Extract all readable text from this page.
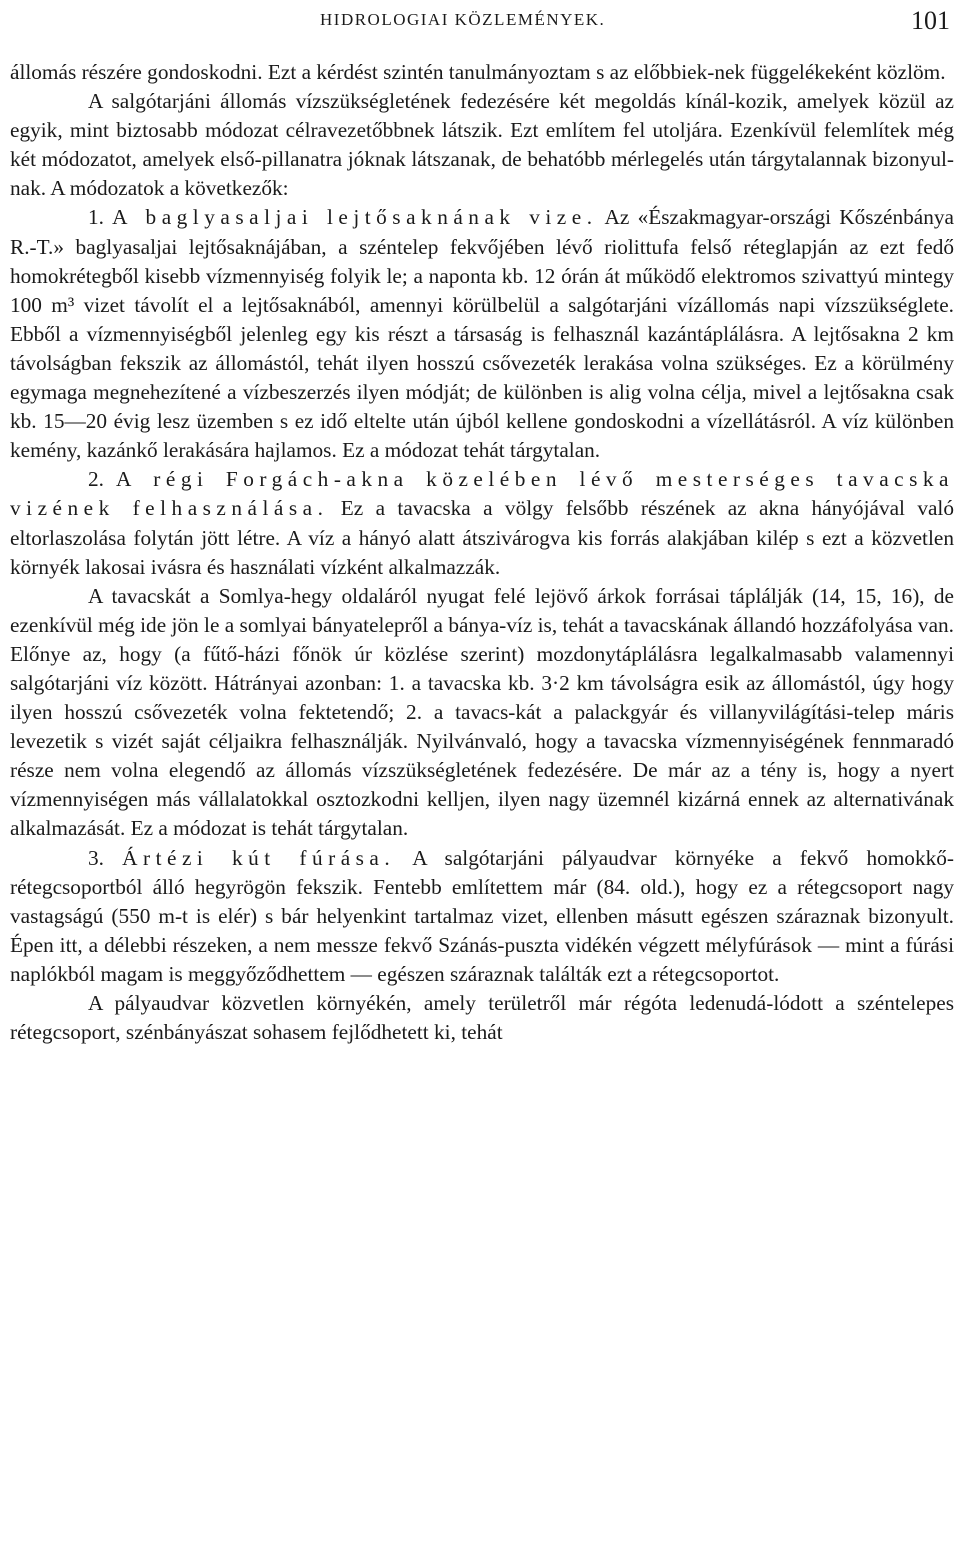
HIDROLOGIAI KÖZLEMÉNYEK.	101

állomás részére gondoskodni. Ezt a kérdést szintén tanulmányoztam s az előbbiek-nek függelékeként közlöm.

A salgótarjáni állomás vízszükségletének fedezésére két megoldás kínál-kozik, amelyek közül az egyik, mint biztosabb módozat célravezetőbbnek látszik. Ezt említem fel utoljára. Ezenkívül felemlítek még két módozatot, amelyek első-pillanatra jóknak látszanak, de behatóbb mérlegelés után tárgytalannak bizonyul-nak. A módozatok a következők:

1. A baglyasaljai lejtősaknának vize. Az «Északmagyar-országi Kőszénbánya R.-T.» baglyasaljai lejtősaknájában, a széntelep fekvőjében lévő riolittufa felső réteglapján az ezt fedő homokrétegből kisebb vízmennyiség folyik le; a naponta kb. 12 órán át működő elektromos szivattyú mintegy 100 m³ vizet távolít el a lejtősaknából, amennyi körülbelül a salgótarjáni vízállomás napi vízszükséglete. Ebből a vízmennyiségből jelenleg egy kis részt a társaság is felhasznál kazántáplálásra. A lejtősakna 2 km távolságban fekszik az állomástól, tehát ilyen hosszú csővezeték lerakása volna szükséges. Ez a körülmény egymaga megnehezítené a vízbeszerzés ilyen módját; de különben is alig volna célja, mivel a lejtősakna csak kb. 15—20 évig lesz üzemben s ez idő eltelte után újból kellene gondoskodni a vízellátásról. A víz különben kemény, kazánkő lerakására hajlamos. Ez a módozat tehát tárgytalan.

2. A régi Forgách-akna közelében lévő mesterséges tavacska vizének felhasználása. Ez a tavacska a völgy felsőbb részének az akna hányójával való eltorlaszolása folytán jött létre. A víz a hányó alatt átszivárogva kis forrás alakjában kilép s ezt a közvetlen környék lakosai ivásra és használati vízként alkalmazzák.

A tavacskát a Somlya-hegy oldaláról nyugat felé lejövő árkok forrásai táplálják (14, 15, 16), de ezenkívül még ide jön le a somlyai bányatelepről a bánya-víz is, tehát a tavacskának állandó hozzáfolyása van. Előnye az, hogy (a fűtő-házi főnök úr közlése szerint) mozdonytáplálásra legalkalmasabb valamennyi salgótarjáni víz között. Hátrányai azonban: 1. a tavacska kb. 3·2 km távolságra esik az állomástól, úgy hogy ilyen hosszú csővezeték volna fektetendő; 2. a tavacs-kát a palackgyár és villanyvilágítási-telep máris levezetik s vizét saját céljaikra felhasználják. Nyilvánvaló, hogy a tavacska vízmennyiségének fennmaradó része nem volna elegendő az állomás vízszükségletének fedezésére. De már az a tény is, hogy a nyert vízmennyiségen más vállalatokkal osztozkodni kelljen, ilyen nagy üzemnél kizárná ennek az alternativának alkalmazását. Ez a módozat is tehát tárgytalan.

3. Ártézi kút fúrása. A salgótarjáni pályaudvar környéke a fekvő homokkő-rétegcsoportból álló hegyrögön fekszik. Fentebb említettem már (84. old.), hogy ez a rétegcsoport nagy vastagságú (550 m-t is elér) s bár helyenkint tartalmaz vizet, ellenben másutt egészen száraznak bizonyult. Épen itt, a délebbi részeken, a nem messze fekvő Szánás-puszta vidékén végzett mélyfúrások — mint a fúrási naplókból magam is meggyőződhettem — egészen száraznak találták ezt a rétegcsoportot.

A pályaudvar közvetlen környékén, amely területről már régóta ledenudá-lódott a széntelepes rétegcsoport, szénbányászat sohasem fejlődhetett ki, tehát
